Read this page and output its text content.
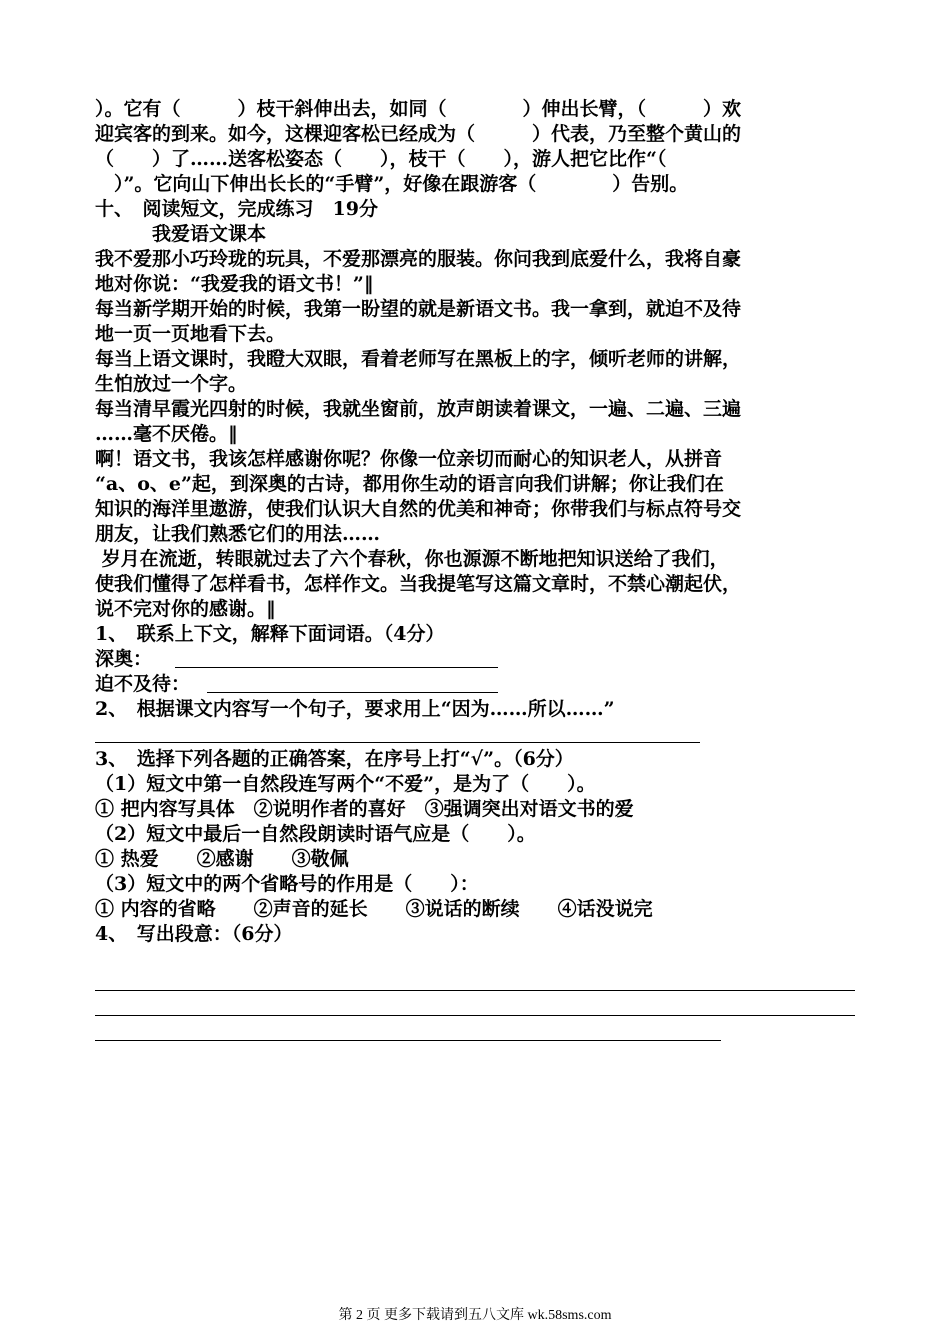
）。它有（　　　）枝干斜伸出去，如同（　　　　）伸出长臂，（　　　）欢
迎宾客的到来。如今，这棵迎客松已经成为（　　　）代表，乃至整个黄山的
（　　）了……送客松姿态（　　），枝干（　　），游人把它比作“（
　）”。它向山下伸出长长的“手臂”，好像在跟游客（　　　　）告别。
十、　阅读短文，完成练习　19分
　　　我爱语文课本
我不爱那小巧玲珑的玩具，不爱那漂亮的服装。你问我到底爱什么，我将自豪
地对你说：“我爱我的语文书！”‖
每当新学期开始的时候，我第一盼望的就是新语文书。我一拿到，就迫不及待
地一页一页地看下去。
每当上语文课时，我瞪大双眼，看着老师写在黑板上的字，倾听老师的讲解，
生怕放过一个字。
每当清早霞光四射的时候，我就坐窗前，放声朗读着课文，一遍、二遍、三遍
……毫不厌倦。‖
啊！语文书，我该怎样感谢你呢？你像一位亲切而耐心的知识老人，从拼音
“a、o、e”起，到深奥的古诗，都用你生动的语言向我们讲解；你让我们在
知识的海洋里遨游，使我们认识大自然的优美和神奇；你带我们与标点符号交
朋友，让我们熟悉它们的用法……
岁月在流逝，转眼就过去了六个春秋，你也源源不断地把知识送给了我们，
使我们懂得了怎样看书，怎样作文。当我提笔写这篇文章时，不禁心潮起伏，
说不完对你的感谢。‖
1、　联系上下文，解释下面词语。（4分）
深奥：
迫不及待：
2、　根据课文内容写一个句子，要求用上“因为……所以……”
3、　选择下列各题的正确答案，在序号上打“√”。（6分）
（1）短文中第一自然段连写两个“不爱”，是为了（　　）。
① 把内容写具体　②说明作者的喜好　③强调突出对语文书的爱
（2）短文中最后一自然段朗读时语气应是（　　）。
① 热爱　　②感谢　　③敬佩
（3）短文中的两个省略号的作用是（　　）：
① 内容的省略　　②声音的延长　　③说话的断续　　④话没说完
4、　写出段意：（6分）
第 2 页 更多下载请到五八文库 wk.58sms.com
